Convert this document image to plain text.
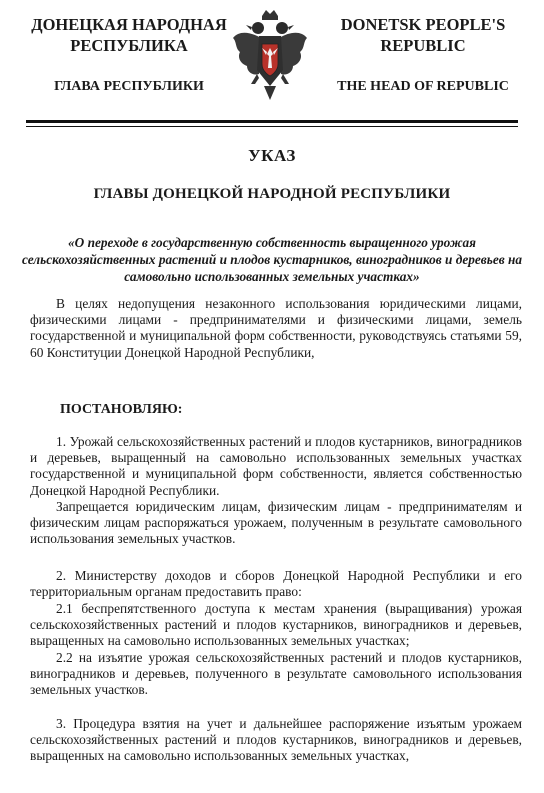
ДОНЕЦКАЯ НАРОДНАЯ
РЕСПУБЛИКА
ГЛАВА РЕСПУБЛИКИ
DONETSK PEOPLE'S
REPUBLIC
THE HEAD OF REPUBLIC
УКАЗ
ГЛАВЫ ДОНЕЦКОЙ НАРОДНОЙ РЕСПУБЛИКИ
«О переходе в государственную собственность выращенного урожая сельскохозяйственных растений и плодов кустарников, виноградников и деревьев на самовольно использованных земельных участках»

В целях недопущения незаконного использования юридическими лицами, физическими лицами - предпринимателями и физическими лицами, земель государственной и муниципальной форм собственности, руководствуясь статьями 59, 60 Конституции Донецкой Народной Республики,

ПОСТАНОВЛЯЮ:

1. Урожай сельскохозяйственных растений и плодов кустарников, виноградников и деревьев, выращенный на самовольно использованных земельных участках государственной и муниципальной форм собственности, является собственностью Донецкой Народной Республики.

Запрещается юридическим лицам, физическим лицам - предпринимателям и физическим лицам распоряжаться урожаем, полученным в результате самовольного использования земельных участков.

2. Министерству доходов и сборов Донецкой Народной Республики и его территориальным органам предоставить право:

2.1 беспрепятственного доступа к местам хранения (выращивания) урожая сельскохозяйственных растений и плодов кустарников, виноградников и деревьев, выращенных на самовольно использованных земельных участках;

2.2 на изъятие урожая сельскохозяйственных растений и плодов кустарников, виноградников и деревьев, полученного в результате самовольного использования земельных участков.

3. Процедура взятия на учет и дальнейшее распоряжение изъятым урожаем сельскохозяйственных растений и плодов кустарников, виноградников и деревьев, выращенных на самовольно использованных земельных участках,
